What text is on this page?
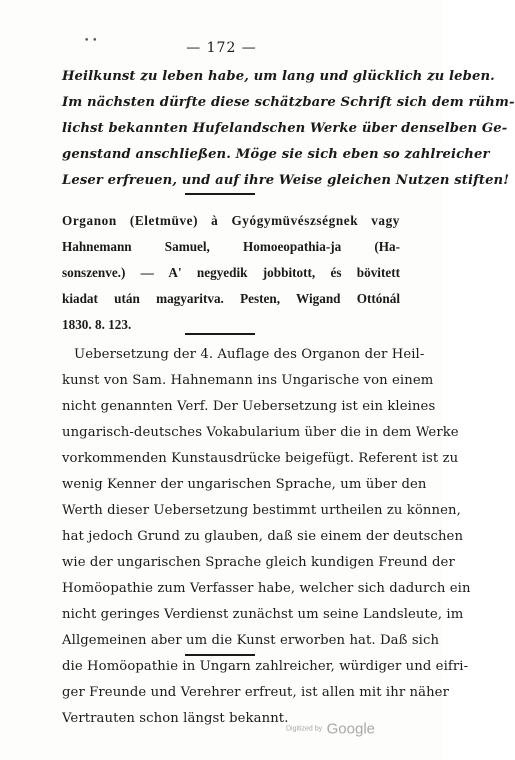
• •	— 172 —
Heilkunst zu leben habe, um lang und glücklich zu leben.
Im nächsten dürfte diese schätzbare Schrift sich dem rühm-
lichst bekannten Hufelandschen Werke über denselben Ge-
genstand anschließen. Möge sie sich eben so zahlreicher
Leser erfreuen, und auf ihre Weise gleichen Nutzen stiften!
Organon (Eletmüve) à Gyógymüvészségnek vagy
Hahnemann Samuel, Homoeopathia-ja (Ha-
sonszenve.) — A' negyedik jobbitott, és bövitett
kiadat után magyaritva. Pesten, Wigand Ottónál
1830. 8. 123.
Uebersetzung der 4. Auflage des Organon der Heil-
kunst von Sam. Hahnemann ins Ungarische von einem
nicht genannten Verf. Der Uebersetzung ist ein kleines
ungarisch-deutsches Vokabularium über die in dem Werke
vorkommenden Kunstausdrücke beigefügt. Referent ist zu
wenig Kenner der ungarischen Sprache, um über den
Werth dieser Uebersetzung bestimmt urtheilen zu können,
hat jedoch Grund zu glauben, daß sie einem der deutschen
wie der ungarischen Sprache gleich kundigen Freund der
Homöopathie zum Verfasser habe, welcher sich dadurch ein
nicht geringes Verdienst zunächst um seine Landsleute, im
Allgemeinen aber um die Kunst erworben hat. Daß sich
die Homöopathie in Ungarn zahlreicher, würdiger und eifri-
ger Freunde und Verehrer erfreut, ist allen mit ihr näher
Vertrauten schon längst bekannt.
Digitized by Google
